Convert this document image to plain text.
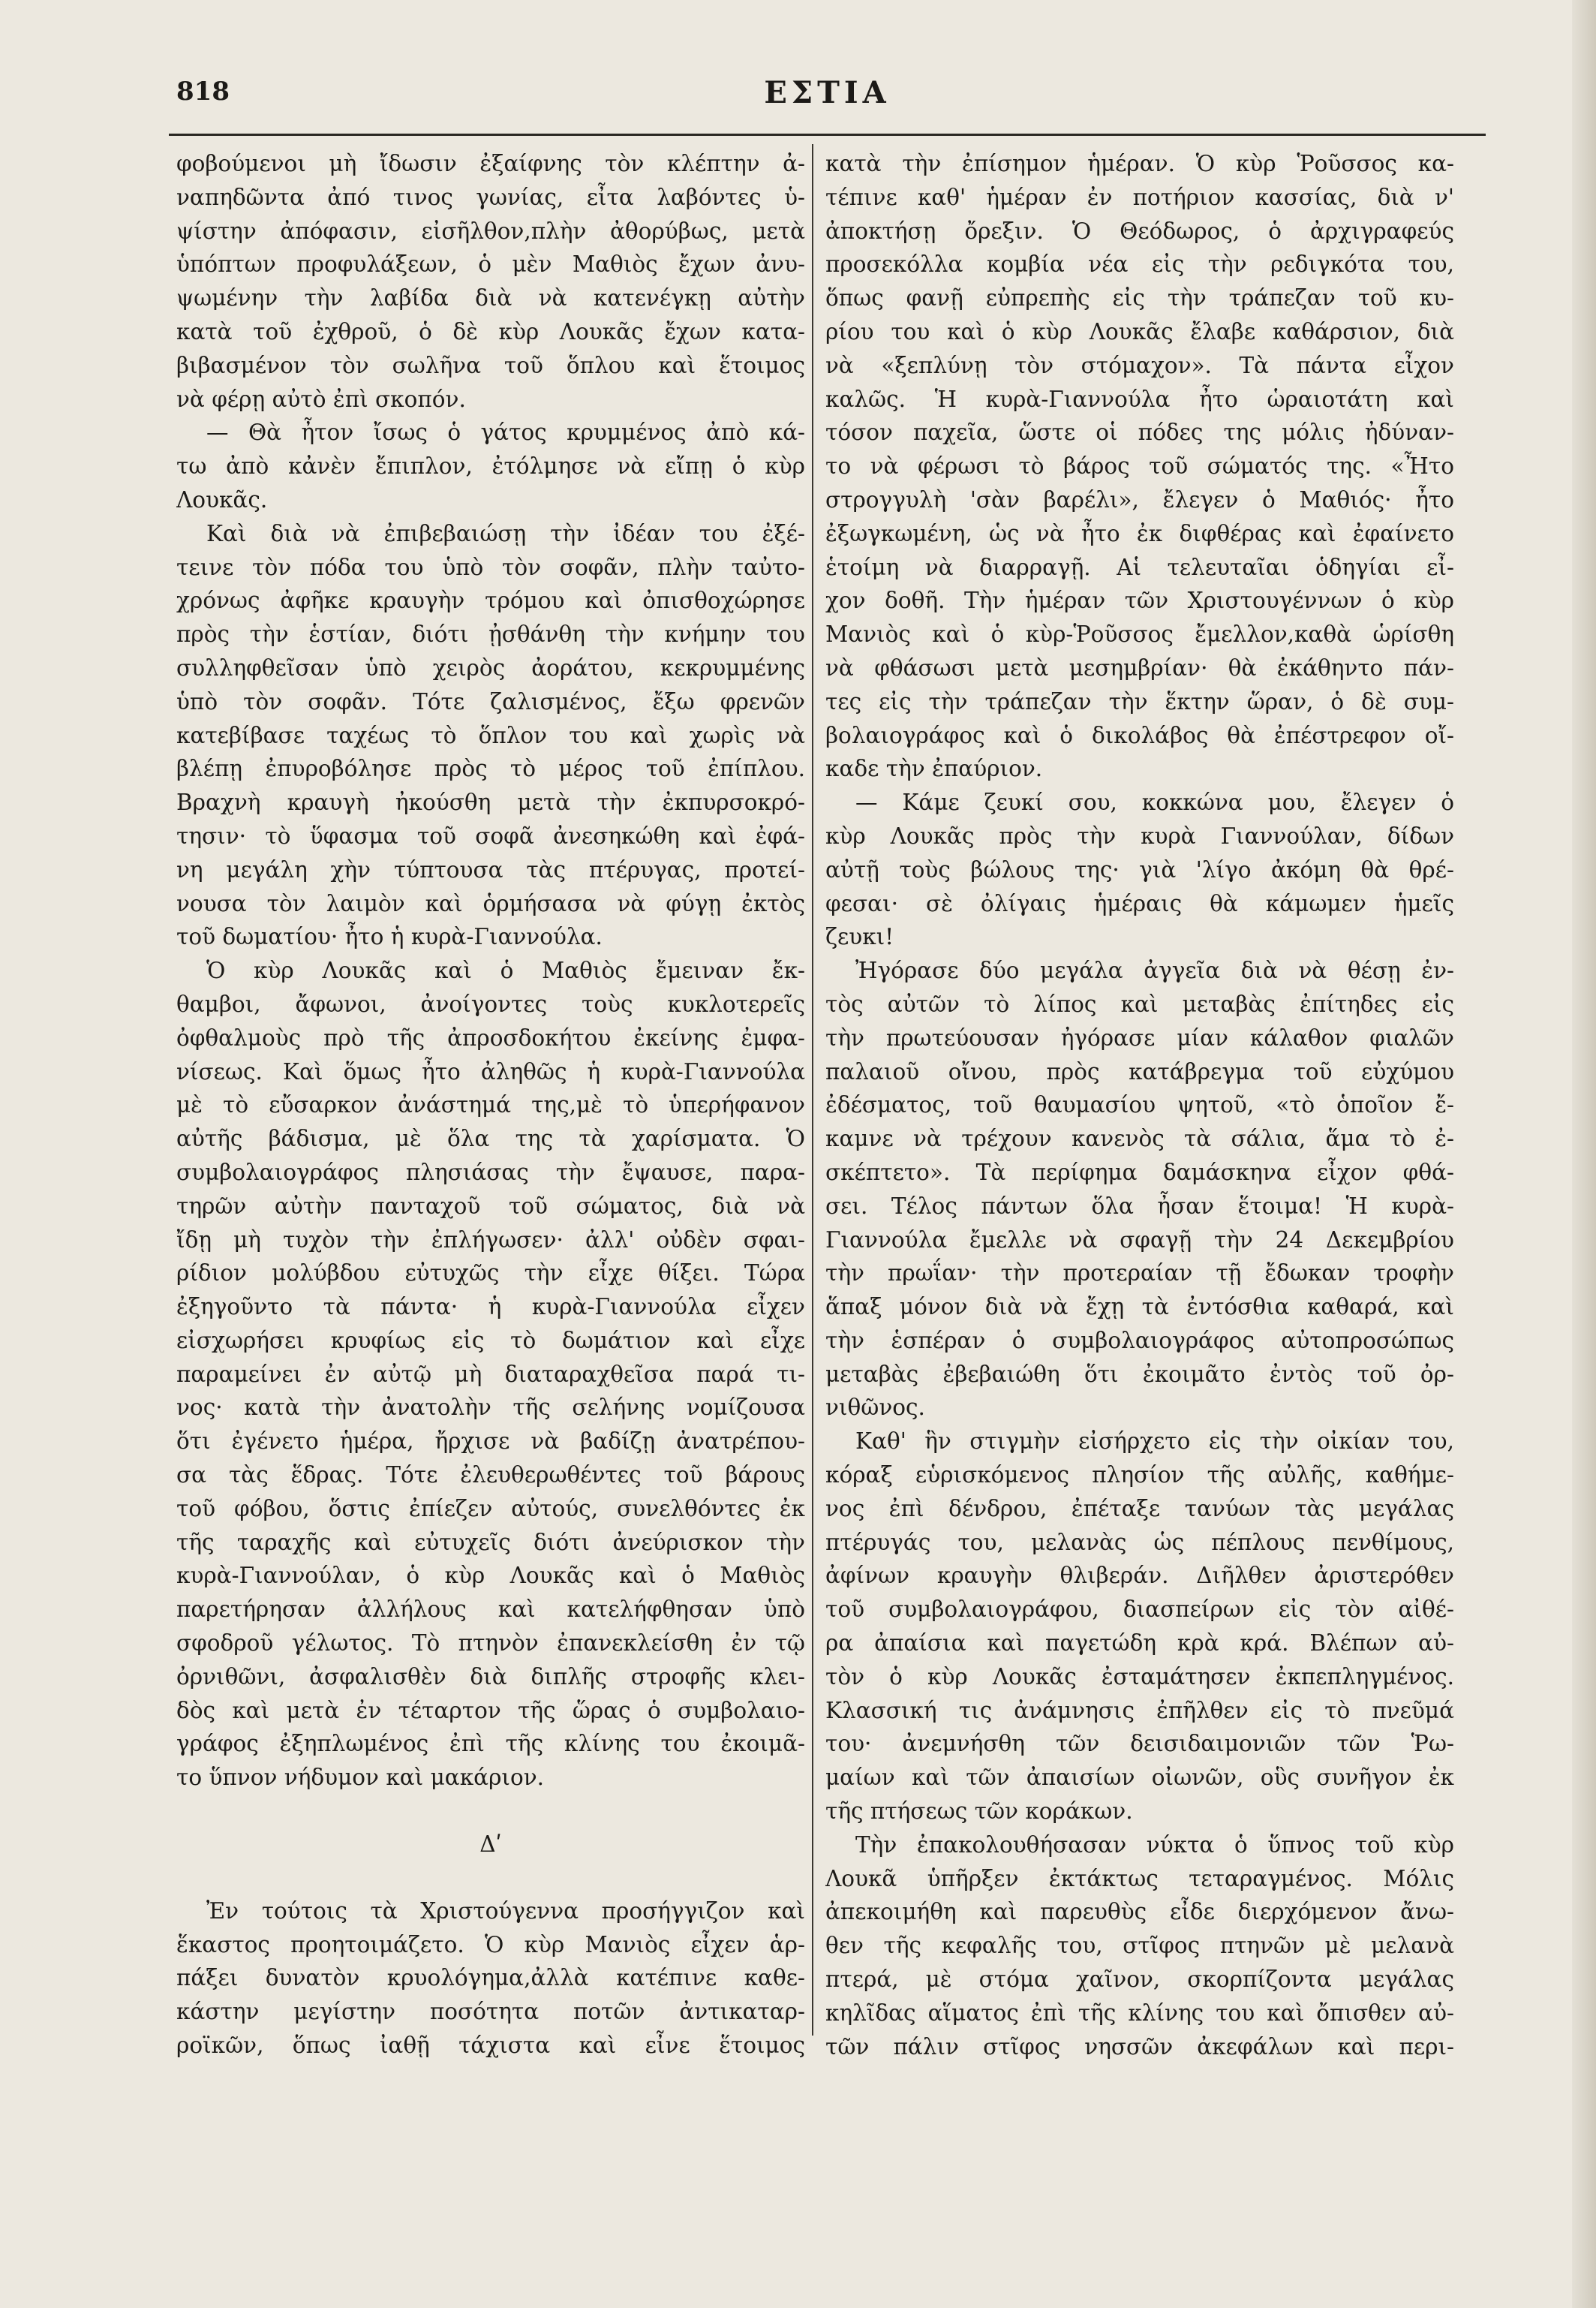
818	ΕΣΤΙΑ
φοβούμενοι μὴ ἴδωσιν ἐξαίφνης τὸν κλέπτην ἀ-
ναπηδῶντα ἀπό τινος γωνίας, εἶτα λαβόντες ὑ-
ψίστην ἀπόφασιν, εἰσῆλθον,πλὴν ἀθορύβως, μετὰ
ὑπόπτων προφυλάξεων, ὁ μὲν Μαθιὸς ἔχων ἀνυ-
ψωμένην τὴν λαβίδα διὰ νὰ κατενέγκῃ αὐτὴν
κατὰ τοῦ ἐχθροῦ, ὁ δὲ κὺρ Λουκᾶς ἔχων κατα-
βιβασμένον τὸν σωλῆνα τοῦ ὅπλου καὶ ἕτοιμος
νὰ φέρῃ αὐτὸ ἐπὶ σκοπόν.
— Θὰ ἦτον ἴσως ὁ γάτος κρυμμένος ἀπὸ κά-
τω ἀπὸ κἀνὲν ἔπιπλον, ἐτόλμησε νὰ εἴπῃ ὁ κὺρ
Λουκᾶς.
Καὶ διὰ νὰ ἐπιβεβαιώσῃ τὴν ἰδέαν του ἐξέ-
τεινε τὸν πόδα του ὑπὸ τὸν σοφᾶν, πλὴν ταὐτο-
χρόνως ἀφῆκε κραυγὴν τρόμου καὶ ὀπισθοχώρησε
πρὸς τὴν ἑστίαν, διότι ᾐσθάνθη τὴν κνήμην του
συλληφθεῖσαν ὑπὸ χειρὸς ἀοράτου, κεκρυμμένης
ὑπὸ τὸν σοφᾶν. Τότε ζαλισμένος, ἔξω φρενῶν
κατεβίβασε ταχέως τὸ ὅπλον του καὶ χωρὶς νὰ
βλέπῃ ἐπυροβόλησε πρὸς τὸ μέρος τοῦ ἐπίπλου.
Βραχνὴ κραυγὴ ἠκούσθη μετὰ τὴν ἐκπυρσοκρό-
τησιν· τὸ ὕφασμα τοῦ σοφᾶ ἀνεσηκώθη καὶ ἐφά-
νη μεγάλη χὴν τύπτουσα τὰς πτέρυγας, προτεί-
νουσα τὸν λαιμὸν καὶ ὁρμήσασα νὰ φύγῃ ἐκτὸς
τοῦ δωματίου· ἦτο ἡ κυρὰ-Γιαννούλα.
Ὁ κὺρ Λουκᾶς καὶ ὁ Μαθιὸς ἔμειναν ἔκ-
θαμβοι, ἄφωνοι, ἀνοίγοντες τοὺς κυκλοτερεῖς
ὀφθαλμοὺς πρὸ τῆς ἀπροσδοκήτου ἐκείνης ἐμφα-
νίσεως. Καὶ ὅμως ἦτο ἀληθῶς ἡ κυρὰ-Γιαννούλα
μὲ τὸ εὔσαρκον ἀνάστημά της,μὲ τὸ ὑπερήφανον
αὐτῆς βάδισμα, μὲ ὅλα της τὰ χαρίσματα. Ὁ
συμβολαιογράφος πλησιάσας τὴν ἔψαυσε, παρα-
τηρῶν αὐτὴν πανταχοῦ τοῦ σώματος, διὰ νὰ
ἴδῃ μὴ τυχὸν τὴν ἐπλήγωσεν· ἀλλ' οὐδὲν σφαι-
ρίδιον μολύβδου εὐτυχῶς τὴν εἶχε θίξει. Τώρα
ἐξηγοῦντο τὰ πάντα· ἡ κυρὰ-Γιαννούλα εἶχεν
εἰσχωρήσει κρυφίως εἰς τὸ δωμάτιον καὶ εἶχε
παραμείνει ἐν αὐτῷ μὴ διαταραχθεῖσα παρά τι-
νος· κατὰ τὴν ἀνατολὴν τῆς σελήνης νομίζουσα
ὅτι ἐγένετο ἡμέρα, ἤρχισε νὰ βαδίζῃ ἀνατρέπου-
σα τὰς ἕδρας. Τότε ἐλευθερωθέντες τοῦ βάρους
τοῦ φόβου, ὅστις ἐπίεζεν αὐτούς, συνελθόντες ἐκ
τῆς ταραχῆς καὶ εὐτυχεῖς διότι ἀνεύρισκον τὴν
κυρὰ-Γιαννούλαν, ὁ κὺρ Λουκᾶς καὶ ὁ Μαθιὸς
παρετήρησαν ἀλλήλους καὶ κατελήφθησαν ὑπὸ
σφοδροῦ γέλωτος. Τὸ πτηνὸν ἐπανεκλείσθη ἐν τῷ
ὀρνιθῶνι, ἀσφαλισθὲν διὰ διπλῆς στροφῆς κλει-
δὸς καὶ μετὰ ἐν τέταρτον τῆς ὥρας ὁ συμβολαιο-
γράφος ἐξηπλωμένος ἐπὶ τῆς κλίνης του ἐκοιμᾶ-
το ὕπνον νήδυμον καὶ μακάριον.
Δʹ
Ἐν τούτοις τὰ Χριστούγεννα προσήγγιζον καὶ
ἕκαστος προητοιμάζετο. Ὁ κὺρ Μανιὸς εἶχεν ἁρ-
πάξει δυνατὸν κρυολόγημα,ἀλλὰ κατέπινε καθε-
κάστην μεγίστην ποσότητα ποτῶν ἀντικαταρ-
ροϊκῶν, ὅπως ἰαθῇ τάχιστα καὶ εἶνε ἕτοιμος
κατὰ τὴν ἐπίσημον ἡμέραν. Ὁ κὺρ Ῥοῦσσος κα-
τέπινε καθ' ἡμέραν ἐν ποτήριον κασσίας, διὰ ν'
ἀποκτήσῃ ὄρεξιν. Ὁ Θεόδωρος, ὁ ἀρχιγραφεύς
προσεκόλλα κομβία νέα εἰς τὴν ρεδιγκότα του,
ὅπως φανῇ εὐπρεπὴς εἰς τὴν τράπεζαν τοῦ κυ-
ρίου του καὶ ὁ κὺρ Λουκᾶς ἔλαβε καθάρσιον, διὰ
νὰ «ξεπλύνῃ τὸν στόμαχον». Τὰ πάντα εἶχον
καλῶς. Ἡ κυρὰ-Γιαννούλα ἦτο ὡραιοτάτη καὶ
τόσον παχεῖα, ὥστε οἱ πόδες της μόλις ἠδύναν-
το νὰ φέρωσι τὸ βάρος τοῦ σώματός της. «Ἦτο
στρογγυλὴ 'σὰν βαρέλι», ἔλεγεν ὁ Μαθιός· ἦτο
ἐξωγκωμένη, ὡς νὰ ἦτο ἐκ διφθέρας καὶ ἐφαίνετο
ἑτοίμη νὰ διαρραγῇ. Αἱ τελευταῖαι ὁδηγίαι εἶ-
χον δοθῆ. Τὴν ἡμέραν τῶν Χριστουγέννων ὁ κὺρ
Μανιὸς καὶ ὁ κὺρ-Ῥοῦσσος ἔμελλον,καθὰ ὡρίσθη
νὰ φθάσωσι μετὰ μεσημβρίαν· θὰ ἐκάθηντο πάν-
τες εἰς τὴν τράπεζαν τὴν ἕκτην ὥραν, ὁ δὲ συμ-
βολαιογράφος καὶ ὁ δικολάβος θὰ ἐπέστρεφον οἴ-
καδε τὴν ἐπαύριον.
— Κάμε ζευκί σου, κοκκώνα μου, ἔλεγεν ὁ
κὺρ Λουκᾶς πρὸς τὴν κυρὰ Γιαννούλαν, δίδων
αὐτῇ τοὺς βώλους της· γιὰ 'λίγο ἀκόμη θὰ θρέ-
φεσαι· σὲ ὀλίγαις ἡμέραις θὰ κάμωμεν ἡμεῖς
ζευκι!
Ἠγόρασε δύο μεγάλα ἀγγεῖα διὰ νὰ θέσῃ ἐν-
τὸς αὐτῶν τὸ λίπος καὶ μεταβὰς ἐπίτηδες εἰς
τὴν πρωτεύουσαν ἠγόρασε μίαν κάλαθον φιαλῶν
παλαιοῦ οἴνου, πρὸς κατάβρεγμα τοῦ εὐχύμου
ἐδέσματος, τοῦ θαυμασίου ψητοῦ, «τὸ ὁποῖον ἔ-
καμνε νὰ τρέχουν κανενὸς τὰ σάλια, ἅμα τὸ ἐ-
σκέπτετο». Τὰ περίφημα δαμάσκηνα εἶχον φθά-
σει. Τέλος πάντων ὅλα ἦσαν ἕτοιμα! Ἡ κυρὰ-
Γιαννούλα ἔμελλε νὰ σφαγῇ τὴν 24 Δεκεμβρίου
τὴν πρωΐαν· τὴν προτεραίαν τῇ ἔδωκαν τροφὴν
ἅπαξ μόνον διὰ νὰ ἔχῃ τὰ ἐντόσθια καθαρά, καὶ
τὴν ἑσπέραν ὁ συμβολαιογράφος αὐτοπροσώπως
μεταβὰς ἐβεβαιώθη ὅτι ἐκοιμᾶτο ἐντὸς τοῦ ὀρ-
νιθῶνος.
Καθ' ἣν στιγμὴν εἰσήρχετο εἰς τὴν οἰκίαν του,
κόραξ εὑρισκόμενος πλησίον τῆς αὐλῆς, καθήμε-
νος ἐπὶ δένδρου, ἐπέταξε τανύων τὰς μεγάλας
πτέρυγάς του, μελανὰς ὡς πέπλους πενθίμους,
ἀφίνων κραυγὴν θλιβεράν. Διῆλθεν ἀριστερόθεν
τοῦ συμβολαιογράφου, διασπείρων εἰς τὸν αἰθέ-
ρα ἀπαίσια καὶ παγετώδη κρὰ κρά. Βλέπων αὐ-
τὸν ὁ κὺρ Λουκᾶς ἐσταμάτησεν ἐκπεπληγμένος.
Κλασσική τις ἀνάμνησις ἐπῆλθεν εἰς τὸ πνεῦμά
του· ἀνεμνήσθη τῶν δεισιδαιμονιῶν τῶν Ῥω-
μαίων καὶ τῶν ἀπαισίων οἰωνῶν, οὓς συνῆγον ἐκ
τῆς πτήσεως τῶν κοράκων.
Τὴν ἐπακολουθήσασαν νύκτα ὁ ὕπνος τοῦ κὺρ
Λουκᾶ ὑπῆρξεν ἐκτάκτως τεταραγμένος. Μόλις
ἀπεκοιμήθη καὶ παρευθὺς εἶδε διερχόμενον ἄνω-
θεν τῆς κεφαλῆς του, στῖφος πτηνῶν μὲ μελανὰ
πτερά, μὲ στόμα χαῖνον, σκορπίζοντα μεγάλας
κηλῖδας αἵματος ἐπὶ τῆς κλίνης του καὶ ὄπισθεν αὐ-
τῶν πάλιν στῖφος νησσῶν ἀκεφάλων καὶ περι-
